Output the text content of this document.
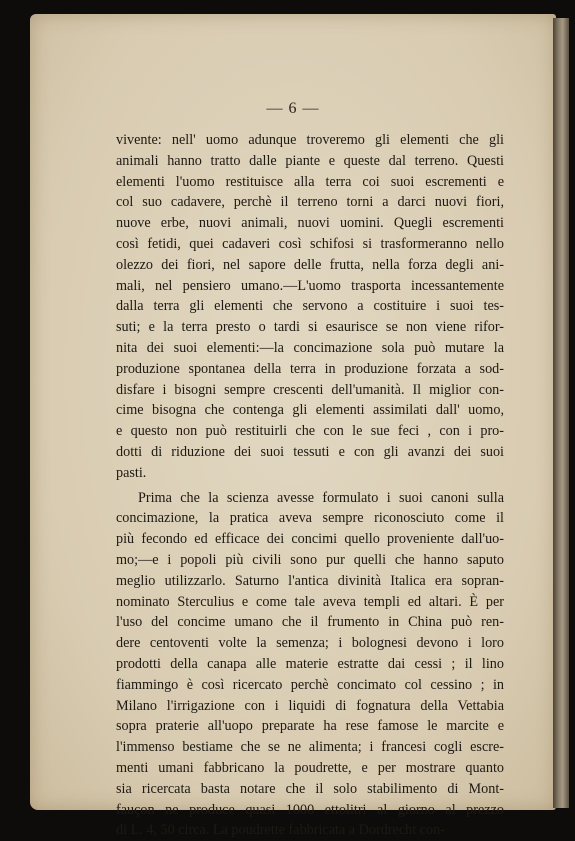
— 6 —
vivente: nell' uomo adunque troveremo gli elementi che gli
animali hanno tratto dalle piante e queste dal terreno. Questi
elementi l'uomo restituisce alla terra coi suoi escrementi e
col suo cadavere, perchè il terreno torni a darci nuovi fiori,
nuove erbe, nuovi animali, nuovi uomini. Quegli escrementi
così fetidi, quei cadaveri così schifosi si trasformeranno nello
olezzo dei fiori, nel sapore delle frutta, nella forza degli ani-
mali, nel pensiero umano.—L'uomo trasporta incessantemente
dalla terra gli elementi che servono a costituire i suoi tes-
suti; e la terra presto o tardi si esaurisce se non viene rifor-
nita dei suoi elementi:—la concimazione sola può mutare la
produzione spontanea della terra in produzione forzata a sod-
disfare i bisogni sempre crescenti dell'umanità. Il miglior con-
cime bisogna che contenga gli elementi assimilati dall' uomo,
e questo non può restituirli che con le sue feci , con i pro-
dotti di riduzione dei suoi tessuti e con gli avanzi dei suoi
pasti.
Prima che la scienza avesse formulato i suoi canoni sulla
concimazione, la pratica aveva sempre riconosciuto come il
più fecondo ed efficace dei concimi quello proveniente dall'uo-
mo;—e i popoli più civili sono pur quelli che hanno saputo
meglio utilizzarlo. Saturno l'antica divinità Italica era sopran-
nominato Sterculius e come tale aveva templi ed altari. È per
l'uso del concime umano che il frumento in China può ren-
dere centoventi volte la semenza; i bolognesi devono i loro
prodotti della canapa alle materie estratte dai cessi ; il lino
fiammingo è così ricercato perchè concimato col cessino ; in
Milano l'irrigazione con i liquidi di fognatura della Vettabia
sopra praterie all'uopo preparate ha rese famose le marcite e
l'immenso bestiame che se ne alimenta; i francesi cogli escre-
menti umani fabbricano la poudrette, e per mostrare quanto
sia ricercata basta notare che il solo stabilimento di Mont-
fauçon ne produce quasi 1000 ettolitri al giorno al prezzo
di L. 4, 50 circa. La poudrette fabbricata a Dordrecht con-
